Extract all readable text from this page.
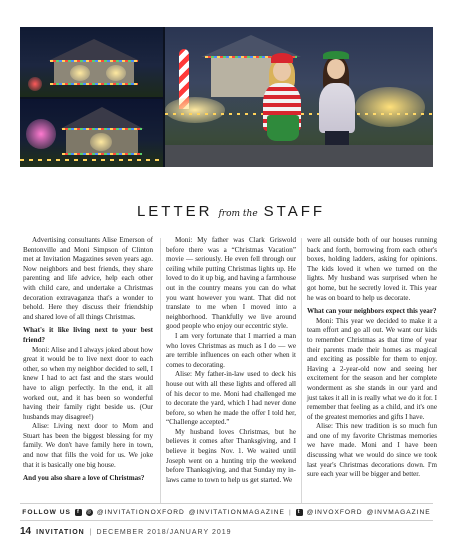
LETTER from the STAFF

Advertising consultants Alise Emerson of Bentonville and Moni Simpson of Clinton met at Invitation Magazines seven years ago. Now neighbors and best friends, they share parenting and life advice, help each other with child care, and undertake a Christmas decoration extravaganza that's a wonder to behold. Here they discuss their friendship and shared love of all things Christmas.

What's it like living next to your best friend?

Moni: Alise and I always joked about how great it would be to live next door to each other, so when my neighbor decided to sell, I knew I had to act fast and the stars would have to align perfectly. In the end, it all worked out, and it has been so wonderful having their family right beside us. (Our husbands may disagree!)

Alise: Living next door to Mom and Stuart has been the biggest blessing for my family. We don't have family here in town, and now that fills the void for us. We joke that it is basically one big house.

And you also share a love of Christmas?

Moni: My father was Clark Griswold before there was a “Christmas Vacation” movie — seriously. He even fell through our ceiling while putting Christmas lights up. He loved to do it up big, and having a farmhouse out in the country means you can do what you want however you want. That did not translate to me when I moved into a neighborhood. Thankfully we live around good people who enjoy our eccentric style.

I am very fortunate that I married a man who loves Christmas as much as I do — we are terrible influences on each other when it comes to decorating.

Alise: My father-in-law used to deck his house out with all these lights and offered all of his decor to me. Moni had challenged me to decorate the yard, which I had never done before, so when he made the offer I told her, “Challenge accepted.”

My husband loves Christmas, but he believes it comes after Thanksgiving, and I believe it begins Nov. 1. We waited until Joseph went on a hunting trip the weekend before Thanksgiving, and that Sunday my in-laws came to town to help us get started. We

were all outside both of our houses running back and forth, borrowing from each other's boxes, holding ladders, asking for opinions. The kids loved it when we turned on the lights. My husband was surprised when he got home, but he secretly loved it. This year he was on board to help us decorate.

What can your neighbors expect this year?

Moni: This year we decided to make it a team effort and go all out. We want our kids to remember Christmas as that time of year their parents made their homes as magical and exciting as possible for them to enjoy. Having a 2-year-old now and seeing her excitement for the season and her complete wonderment as she stands in our yard and just takes it all in is really what we do it for. I remember that feeling as a child, and it's one of the greatest memories and gifts I have.

Alise: This new tradition is so much fun and one of my favorite Christmas memories we have made. Moni and I have been discussing what we would do since we took last year's Christmas decorations down. I'm sure each year will be bigger and better.

FOLLOW US	f	◎ @INVITATIONOXFORD @INVITATIONMAGAZINE |	t @INVOXFORD @INVMAGAZINE
14 INVITATION | DECEMBER 2018/JANUARY 2019
